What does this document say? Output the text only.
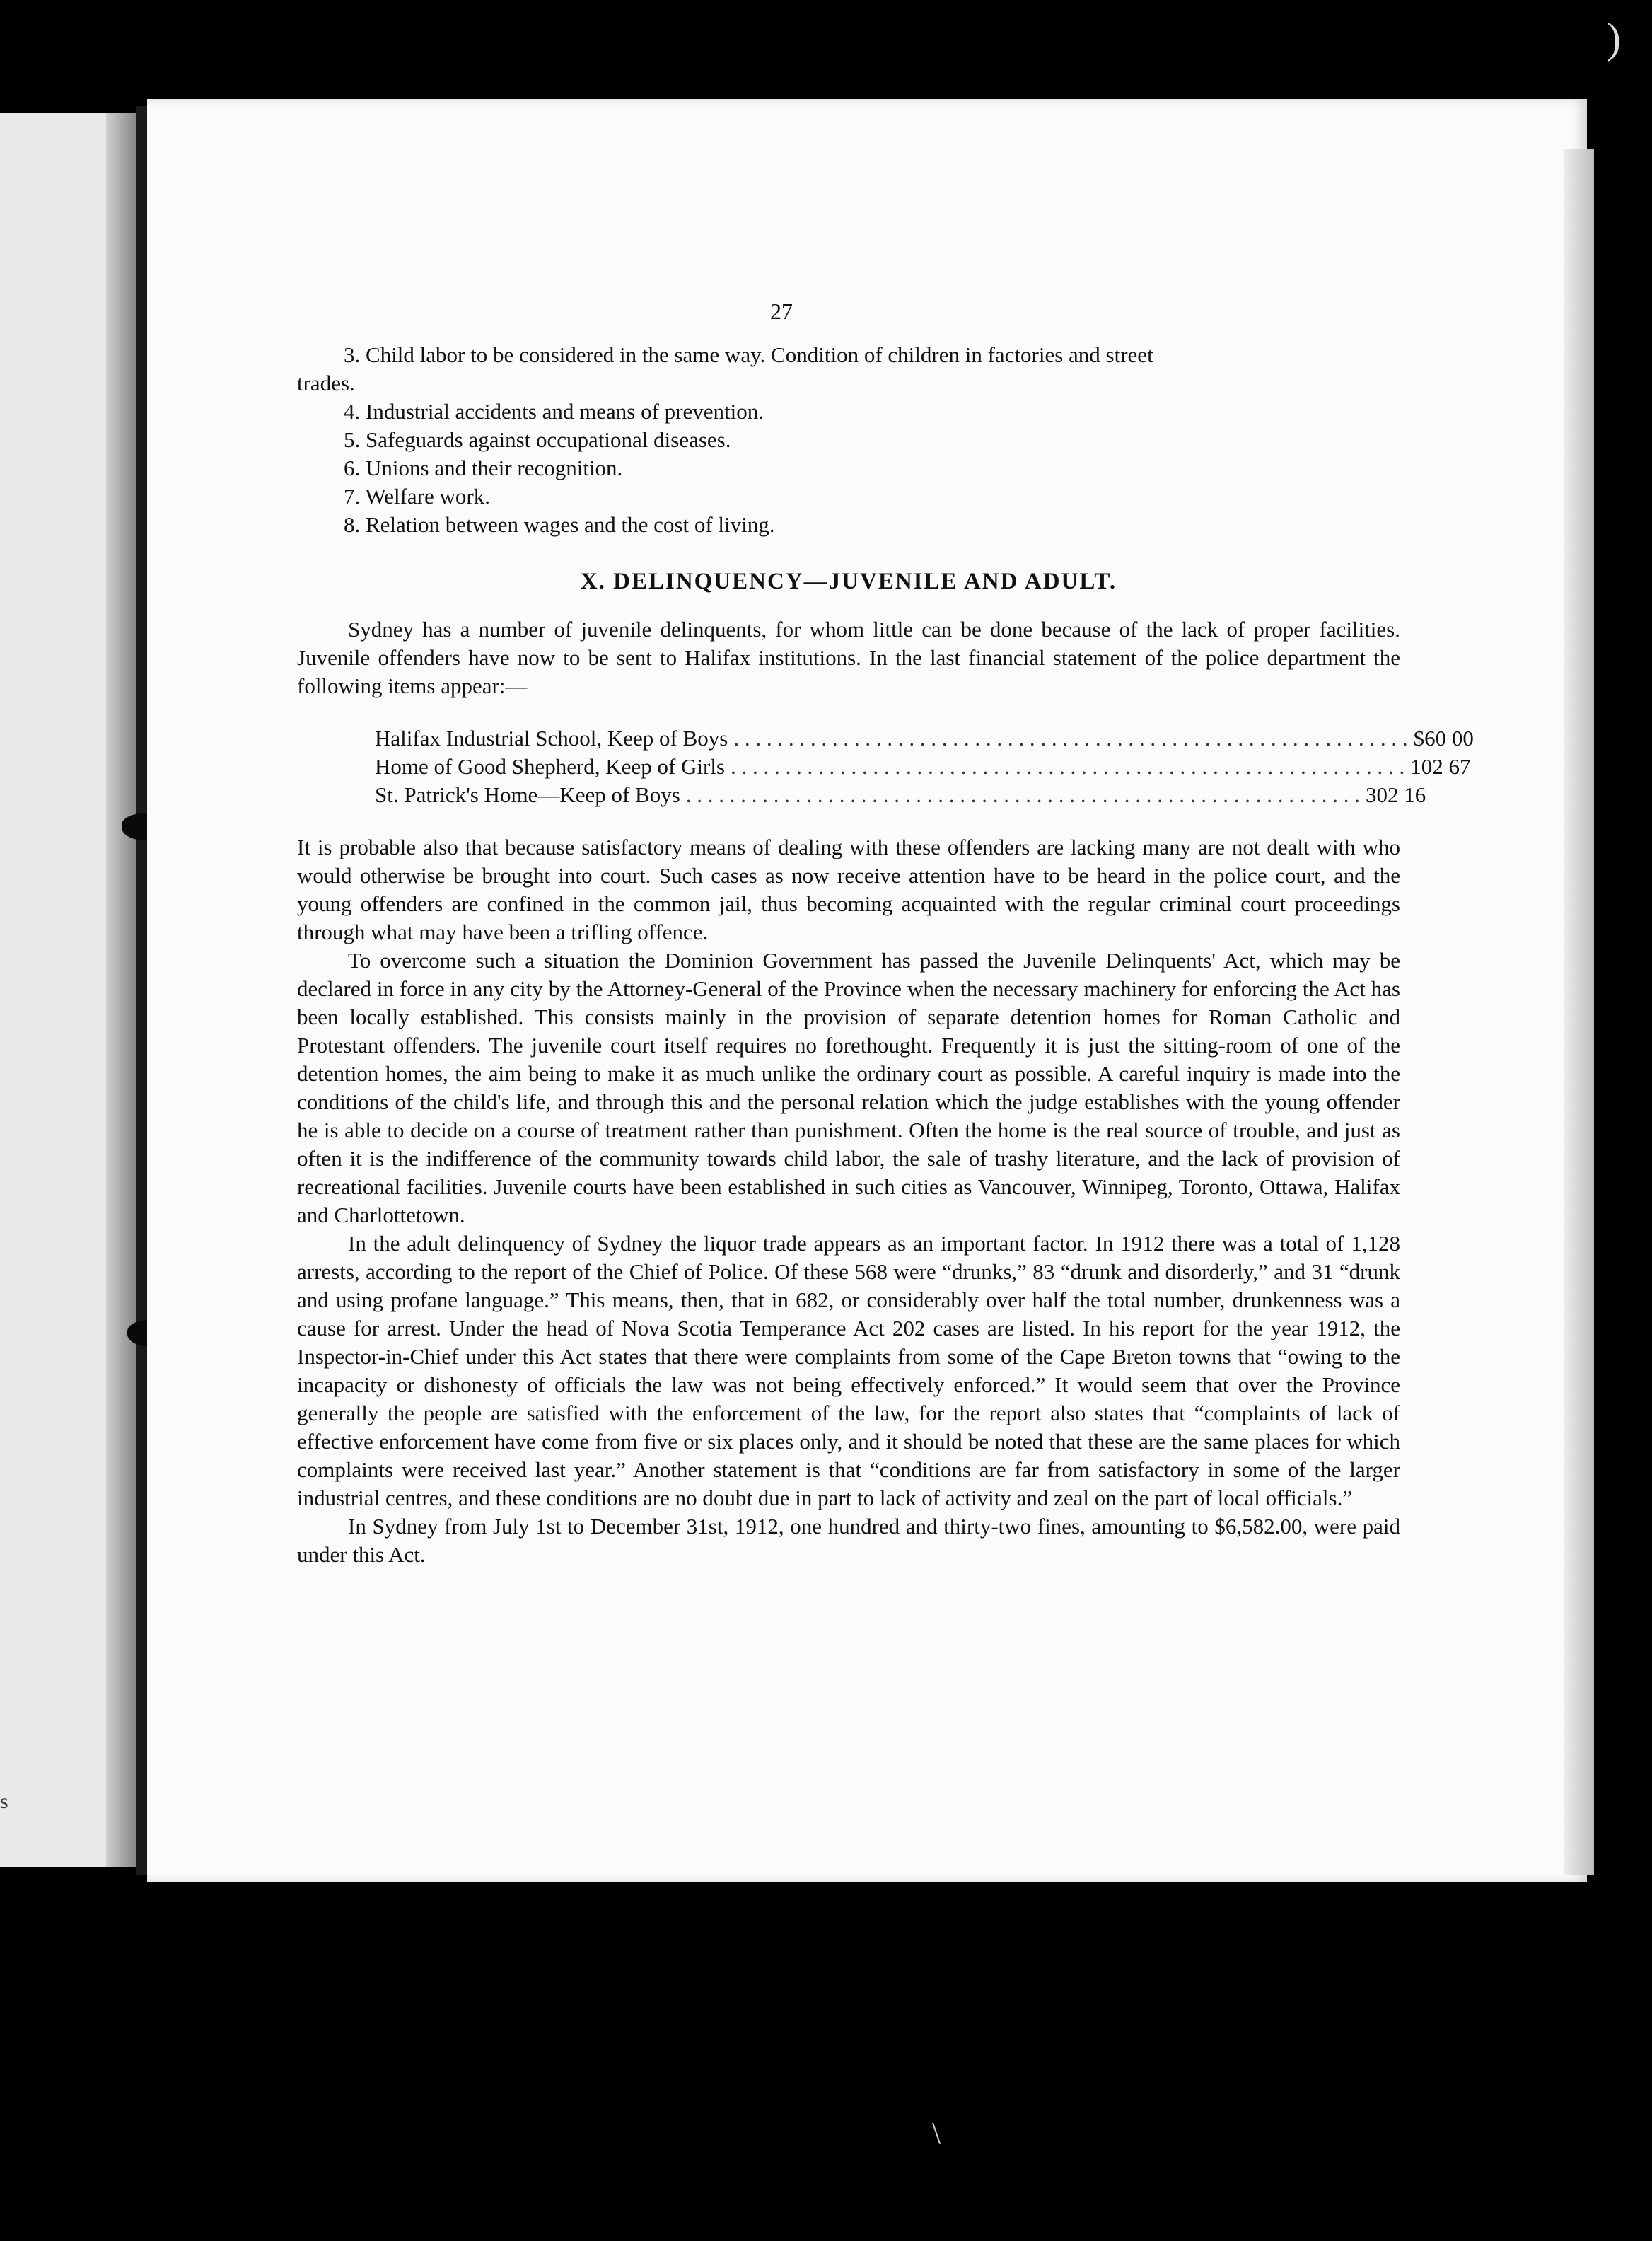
s
)
\
27

3. Child labor to be considered in the same way. Condition of children in factories and street

trades.

4. Industrial accidents and means of prevention.

5. Safeguards against occupational diseases.

6. Unions and their recognition.

7. Welfare work.

8. Relation between wages and the cost of living.

X. DELINQUENCY—JUVENILE AND ADULT.

Sydney has a number of juvenile delinquents, for whom little can be done because of the lack of proper facilities. Juvenile offenders have now to be sent to Halifax institutions. In the last financial statement of the police department the following items appear:—

Halifax Industrial School, Keep of Boys . . . . . . . . . . . . . . . . . . . . . . . . . . . . . . . . . . . . . . . . . . . . . . . . . . . . . . . . . . . . . . $60 00
Home of Good Shepherd, Keep of Girls . . . . . . . . . . . . . . . . . . . . . . . . . . . . . . . . . . . . . . . . . . . . . . . . . . . . . . . . . . . . . . 102 67
St. Patrick's Home—Keep of Boys . . . . . . . . . . . . . . . . . . . . . . . . . . . . . . . . . . . . . . . . . . . . . . . . . . . . . . . . . . . . . . 302 16

It is probable also that because satisfactory means of dealing with these offenders are lacking many are not dealt with who would otherwise be brought into court. Such cases as now receive attention have to be heard in the police court, and the young offenders are confined in the common jail, thus becoming acquainted with the regular criminal court proceedings through what may have been a trifling offence.

To overcome such a situation the Dominion Government has passed the Juvenile Delinquents' Act, which may be declared in force in any city by the Attorney-General of the Province when the necessary machinery for enforcing the Act has been locally established. This consists mainly in the provision of separate detention homes for Roman Catholic and Protestant offenders. The juvenile court itself requires no forethought. Frequently it is just the sitting-room of one of the detention homes, the aim being to make it as much unlike the ordinary court as possible. A careful inquiry is made into the conditions of the child's life, and through this and the personal relation which the judge establishes with the young offender he is able to decide on a course of treatment rather than punishment. Often the home is the real source of trouble, and just as often it is the indifference of the community towards child labor, the sale of trashy literature, and the lack of provision of recreational facilities. Juvenile courts have been established in such cities as Vancouver, Winnipeg, Toronto, Ottawa, Halifax and Charlottetown.

In the adult delinquency of Sydney the liquor trade appears as an important factor. In 1912 there was a total of 1,128 arrests, according to the report of the Chief of Police. Of these 568 were “drunks,” 83 “drunk and disorderly,” and 31 “drunk and using profane language.” This means, then, that in 682, or considerably over half the total number, drunkenness was a cause for arrest. Under the head of Nova Scotia Temperance Act 202 cases are listed. In his report for the year 1912, the Inspector-in-Chief under this Act states that there were complaints from some of the Cape Breton towns that “owing to the incapacity or dishonesty of officials the law was not being effectively enforced.” It would seem that over the Province generally the people are satisfied with the enforcement of the law, for the report also states that “complaints of lack of effective enforcement have come from five or six places only, and it should be noted that these are the same places for which complaints were received last year.” Another statement is that “conditions are far from satisfactory in some of the larger industrial centres, and these conditions are no doubt due in part to lack of activity and zeal on the part of local officials.”

In Sydney from July 1st to December 31st, 1912, one hundred and thirty-two fines, amounting to $6,582.00, were paid under this Act.
